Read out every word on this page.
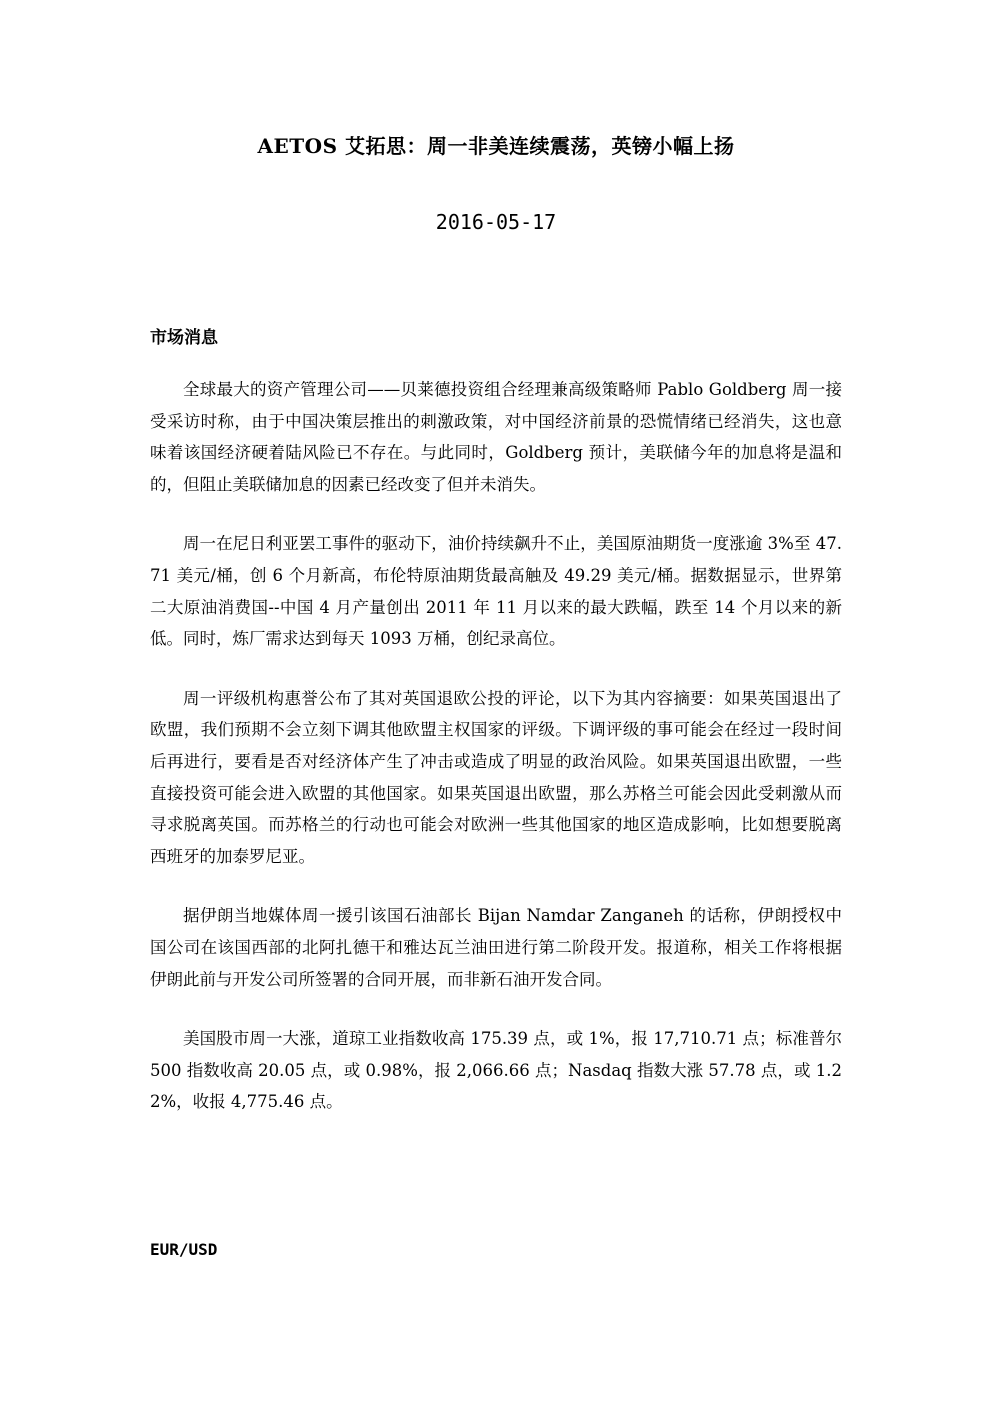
AETOS 艾拓思：周一非美连续震荡，英镑小幅上扬
2016-05-17
市场消息

全球最大的资产管理公司——贝莱德投资组合经理兼高级策略师 Pablo Goldberg 周一接受采访时称，由于中国决策层推出的刺激政策，对中国经济前景的恐慌情绪已经消失，这也意味着该国经济硬着陆风险已不存在。与此同时，Goldberg 预计，美联储今年的加息将是温和的，但阻止美联储加息的因素已经改变了但并未消失。

周一在尼日利亚罢工事件的驱动下，油价持续飙升不止，美国原油期货一度涨逾 3%至 47.71 美元/桶，创 6 个月新高，布伦特原油期货最高触及 49.29 美元/桶。据数据显示，世界第二大原油消费国--中国 4 月产量创出 2011 年 11 月以来的最大跌幅，跌至 14 个月以来的新低。同时，炼厂需求达到每天 1093 万桶，创纪录高位。

周一评级机构惠誉公布了其对英国退欧公投的评论，以下为其内容摘要：如果英国退出了欧盟，我们预期不会立刻下调其他欧盟主权国家的评级。下调评级的事可能会在经过一段时间后再进行，要看是否对经济体产生了冲击或造成了明显的政治风险。如果英国退出欧盟，一些直接投资可能会进入欧盟的其他国家。如果英国退出欧盟，那么苏格兰可能会因此受刺激从而寻求脱离英国。而苏格兰的行动也可能会对欧洲一些其他国家的地区造成影响，比如想要脱离西班牙的加泰罗尼亚。

据伊朗当地媒体周一援引该国石油部长 Bijan Namdar Zanganeh 的话称，伊朗授权中国公司在该国西部的北阿扎德干和雅达瓦兰油田进行第二阶段开发。报道称，相关工作将根据伊朗此前与开发公司所签署的合同开展，而非新石油开发合同。

美国股市周一大涨，道琼工业指数收高 175.39 点，或 1%，报 17,710.71 点；标准普尔 500 指数收高 20.05 点，或 0.98%，报 2,066.66 点；Nasdaq 指数大涨 57.78 点，或 1.22%，收报 4,775.46 点。

EUR/USD
